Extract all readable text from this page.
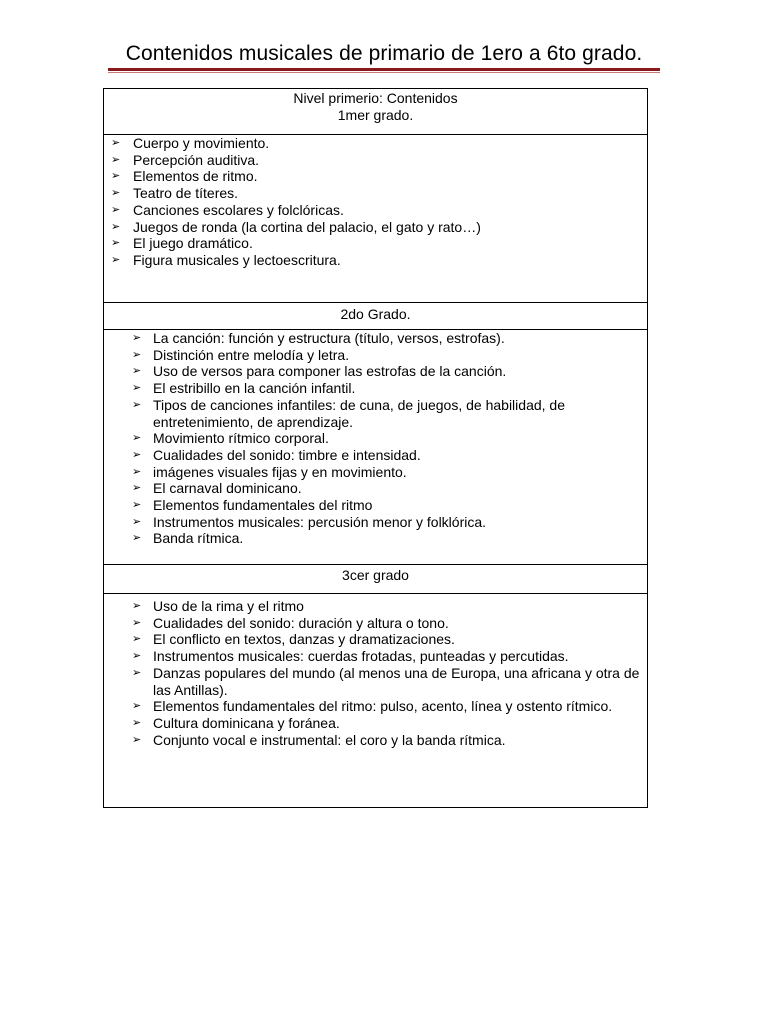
Contenidos musicales de primario de 1ero a 6to grado.
Nivel primerio: Contenidos
1mer grado.
➢ Cuerpo y movimiento.
➢ Percepción auditiva.
➢ Elementos de ritmo.
➢ Teatro de títeres.
➢ Canciones escolares y folclóricas.
➢ Juegos de ronda (la cortina del palacio, el gato y rato…)
➢ El juego dramático.
➢ Figura musicales y lectoescritura.
2do Grado.
➢ La canción: función y estructura (título, versos, estrofas).
➢ Distinción entre melodía y letra.
➢ Uso de versos para componer las estrofas de la canción.
➢ El estribillo en la canción infantil.
➢ Tipos de canciones infantiles: de cuna, de juegos, de habilidad, de entretenimiento, de aprendizaje.
➢ Movimiento rítmico corporal.
➢ Cualidades del sonido: timbre e intensidad.
➢ imágenes visuales fijas y en movimiento.
➢ El carnaval dominicano.
➢ Elementos fundamentales del ritmo
➢ Instrumentos musicales: percusión menor y folklórica.
➢ Banda rítmica.
3cer grado
➢ Uso de la rima y el ritmo
➢ Cualidades del sonido: duración y altura o tono.
➢ El conflicto en textos, danzas y dramatizaciones.
➢ Instrumentos musicales: cuerdas frotadas, punteadas y percutidas.
➢ Danzas populares del mundo (al menos una de Europa, una africana y otra de las Antillas).
➢ Elementos fundamentales del ritmo: pulso, acento, línea y ostento rítmico.
➢ Cultura dominicana y foránea.
➢ Conjunto vocal e instrumental: el coro y la banda rítmica.
